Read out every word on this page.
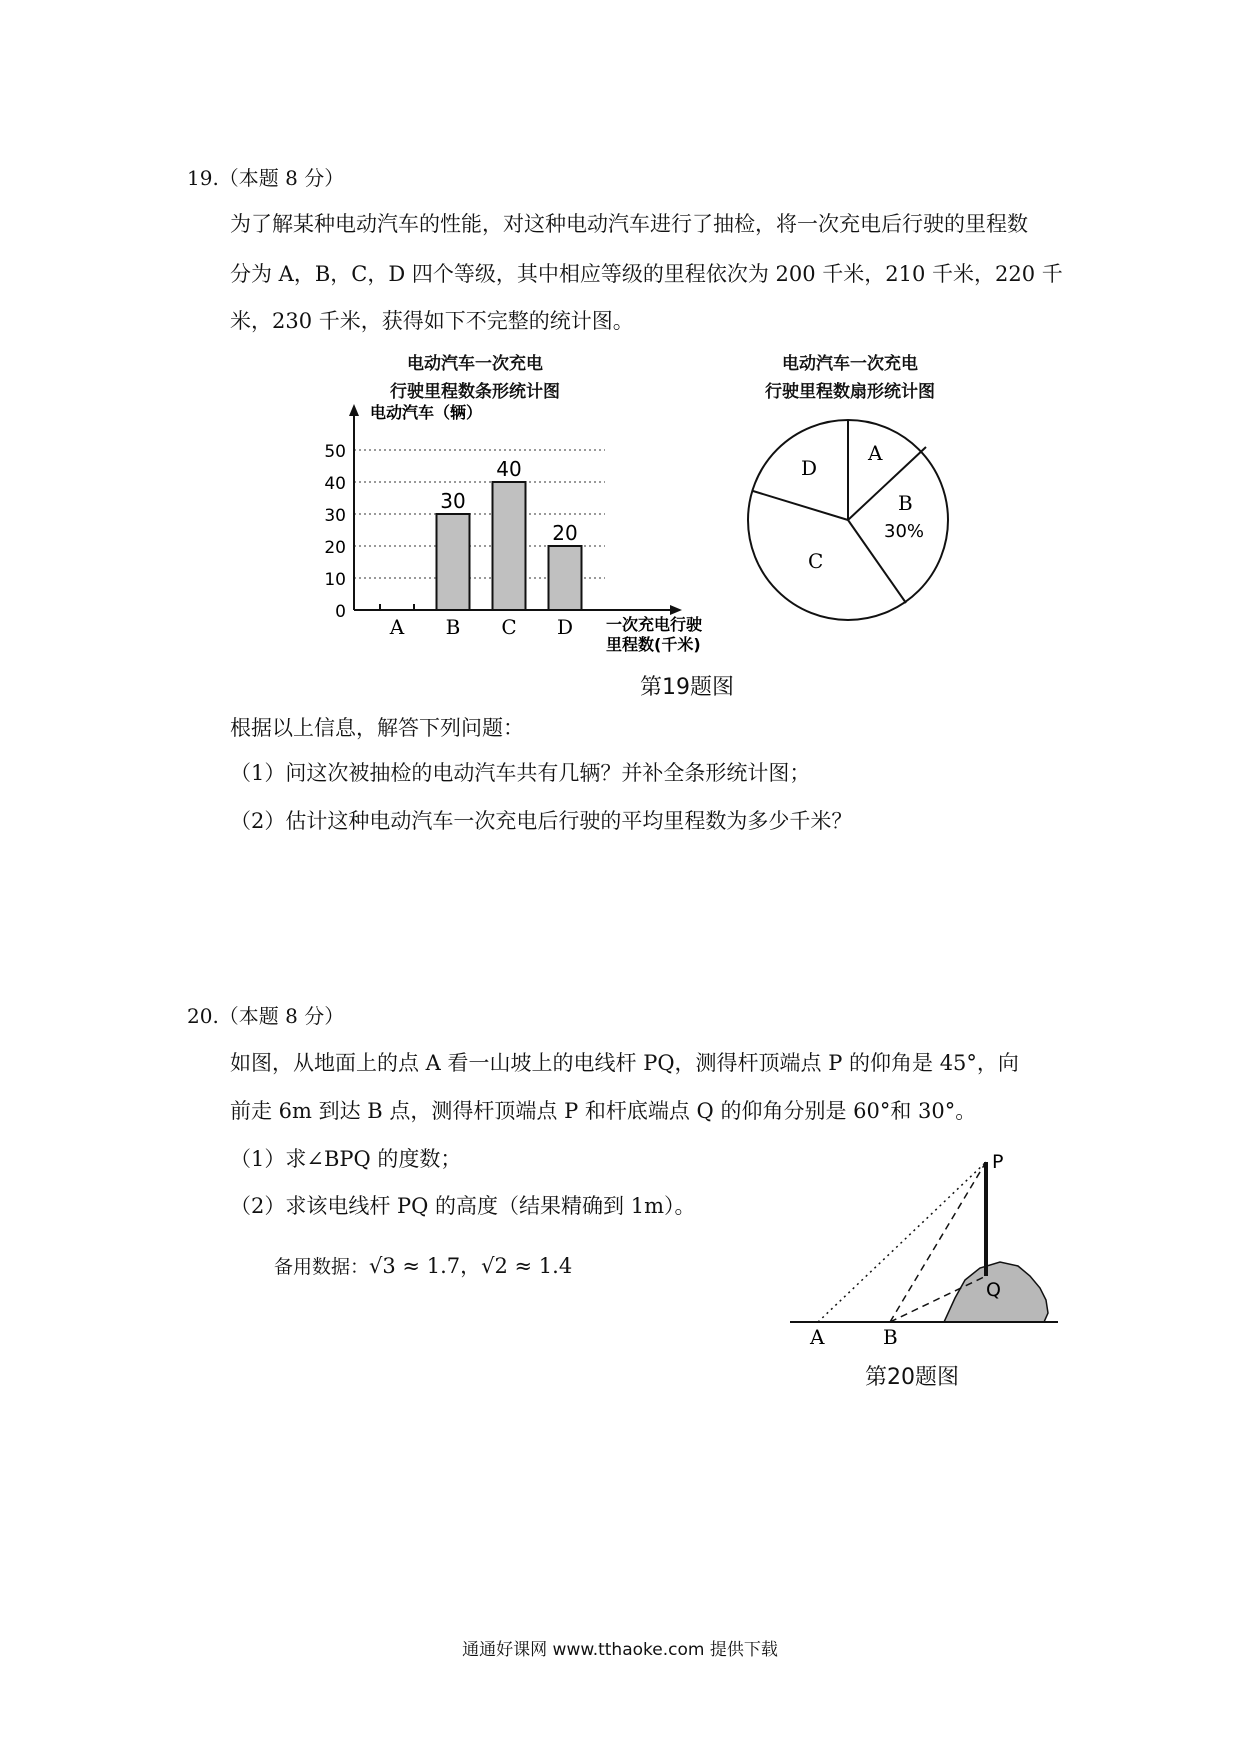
19.（本题 8 分）
为了解某种电动汽车的性能，对这种电动汽车进行了抽检，将一次充电后行驶的里程数
分为 A，B，C，D 四个等级，其中相应等级的里程依次为 200 千米，210 千米，220 千
米，230 千米，获得如下不完整的统计图。
电动汽车一次充电
行驶里程数条形统计图
电动汽车一次充电
行驶里程数扇形统计图
0
10
20
30
40
50
A B C D
30
40
20
电动汽车（辆）
一次充电行驶
里程数(千米)
A
B
30%
C
D
第19题图
根据以上信息，解答下列问题：
（1）问这次被抽检的电动汽车共有几辆？并补全条形统计图；
（2）估计这种电动汽车一次充电后行驶的平均里程数为多少千米？
20.（本题 8 分）
如图，从地面上的点 A 看一山坡上的电线杆 PQ，测得杆顶端点 P 的仰角是 45°，向
前走 6m 到达 B 点，测得杆顶端点 P 和杆底端点 Q 的仰角分别是 60°和 30°。
（1）求∠BPQ 的度数；
（2）求该电线杆 PQ 的高度（结果精确到 1m）。
备用数据：√3 ≈ 1.7，√2 ≈ 1.4
P
Q
A	B
第20题图
通通好课网 www.tthaoke.com 提供下载
